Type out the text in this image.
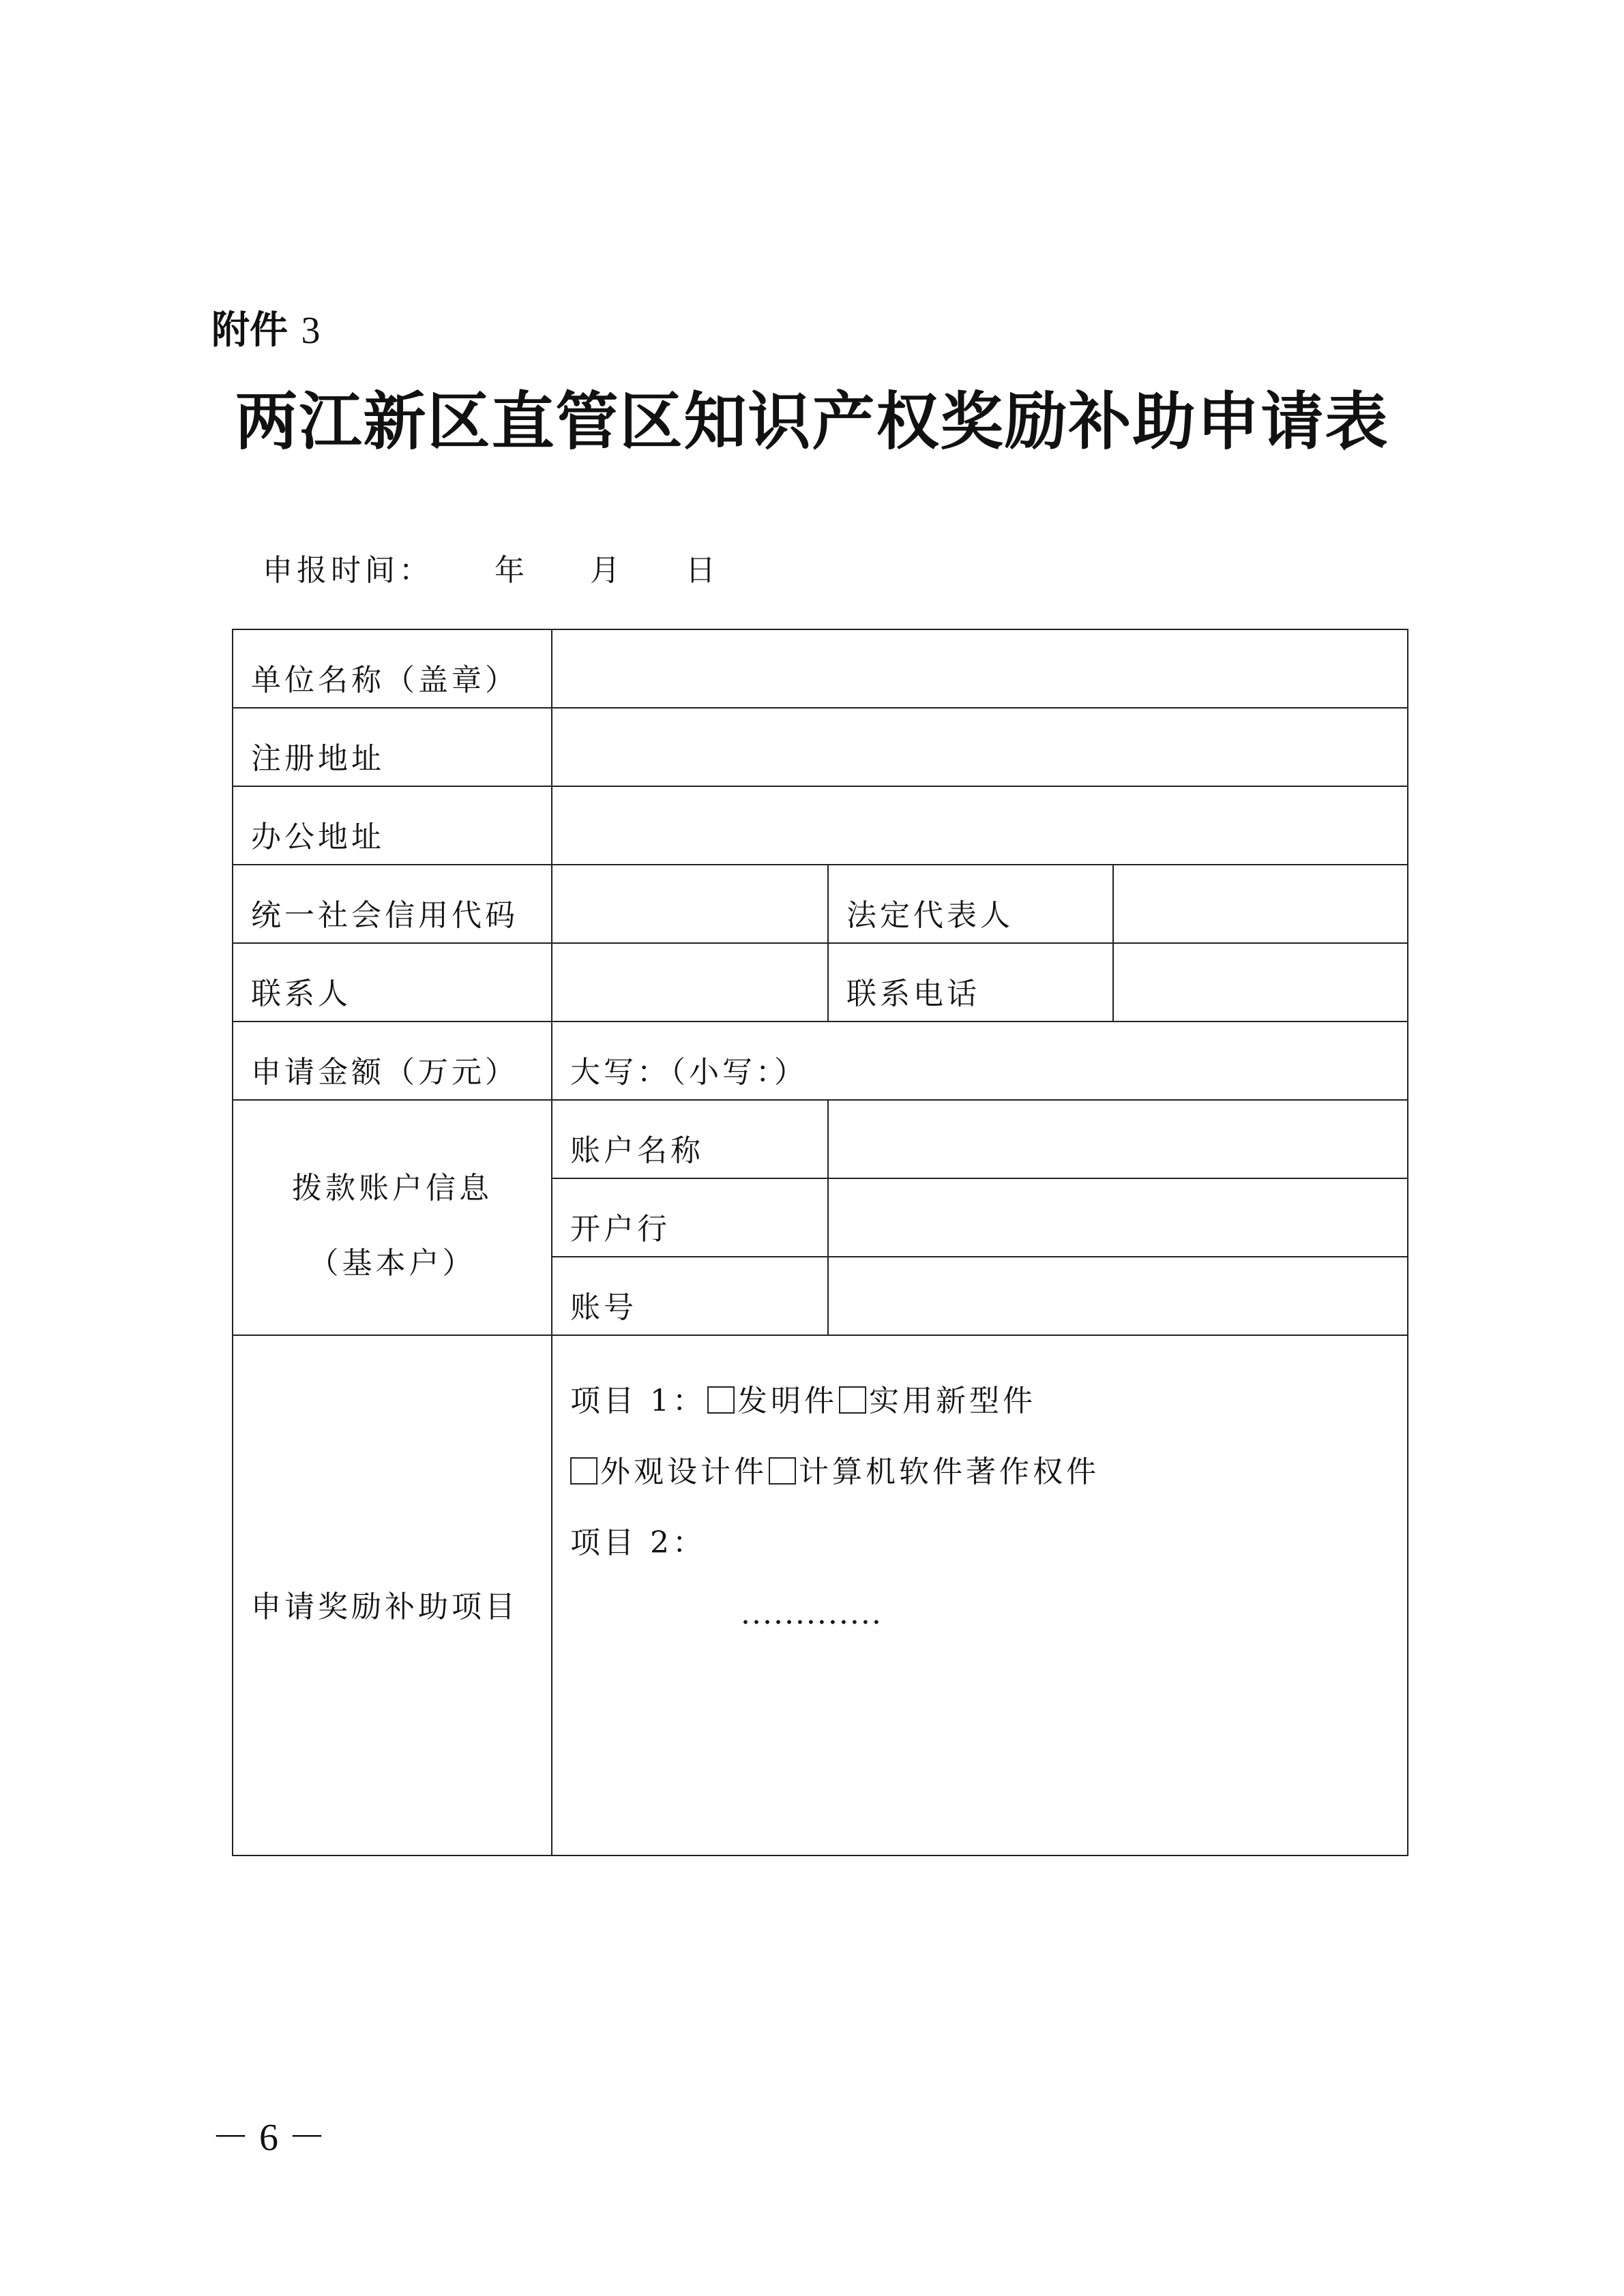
附件 3
两江新区直管区知识产权奖励补助申请表
申报时间： 年 月 日
单位名称（盖章）			
注册地址			
办公地址			
统一社会信用代码		法定代表人	
联系人		联系电话	
申请金额（万元）	大写：（小写：）		

拨款账户信息
（基本户）	账户名称		
	开户行		
	账号		
申请奖励补助项目	项目 1： 发明件 实用新型件
外观设计件 计算机软件著作权件
项目 2：
.............		
－ 6 －
